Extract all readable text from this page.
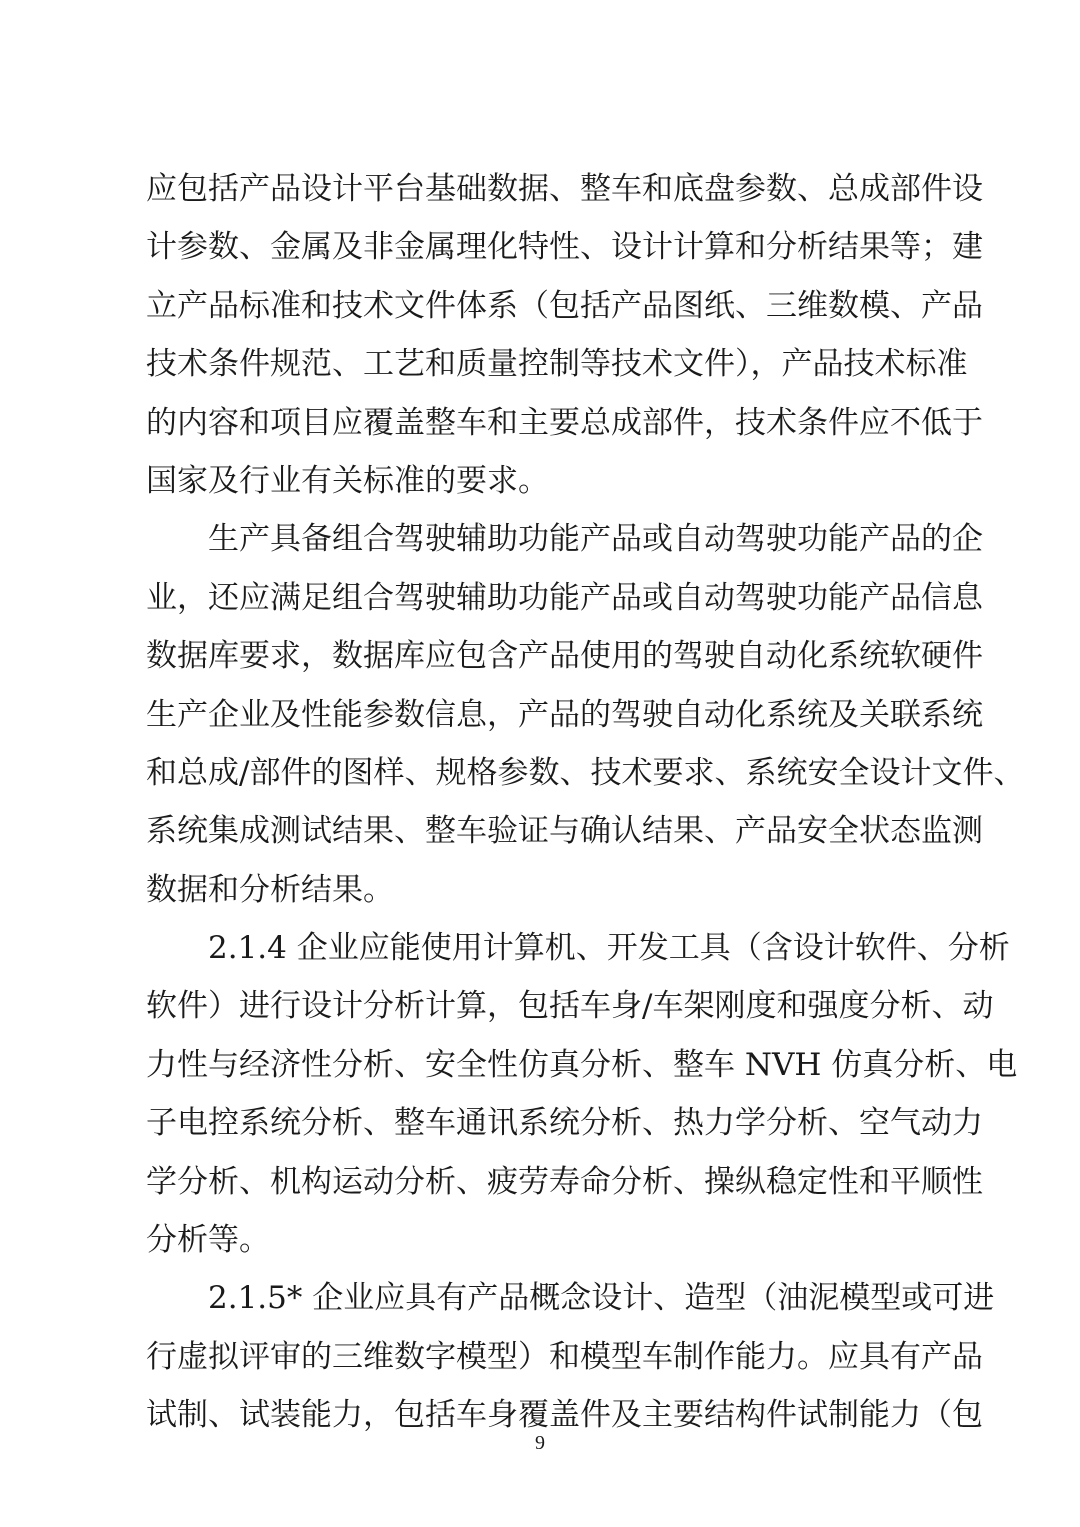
应包括产品设计平台基础数据、整车和底盘参数、总成部件设
计参数、金属及非金属理化特性、设计计算和分析结果等；建
立产品标准和技术文件体系（包括产品图纸、三维数模、产品
技术条件规范、工艺和质量控制等技术文件），产品技术标准
的内容和项目应覆盖整车和主要总成部件，技术条件应不低于
国家及行业有关标准的要求。
生产具备组合驾驶辅助功能产品或自动驾驶功能产品的企
业，还应满足组合驾驶辅助功能产品或自动驾驶功能产品信息
数据库要求，数据库应包含产品使用的驾驶自动化系统软硬件
生产企业及性能参数信息，产品的驾驶自动化系统及关联系统
和总成/部件的图样、规格参数、技术要求、系统安全设计文件、
系统集成测试结果、整车验证与确认结果、产品安全状态监测
数据和分析结果。
2.1.4 企业应能使用计算机、开发工具（含设计软件、分析
软件）进行设计分析计算，包括车身/车架刚度和强度分析、动
力性与经济性分析、安全性仿真分析、整车 NVH 仿真分析、电
子电控系统分析、整车通讯系统分析、热力学分析、空气动力
学分析、机构运动分析、疲劳寿命分析、操纵稳定性和平顺性
分析等。
2.1.5* 企业应具有产品概念设计、造型（油泥模型或可进
行虚拟评审的三维数字模型）和模型车制作能力。应具有产品
试制、试装能力，包括车身覆盖件及主要结构件试制能力（包
9
